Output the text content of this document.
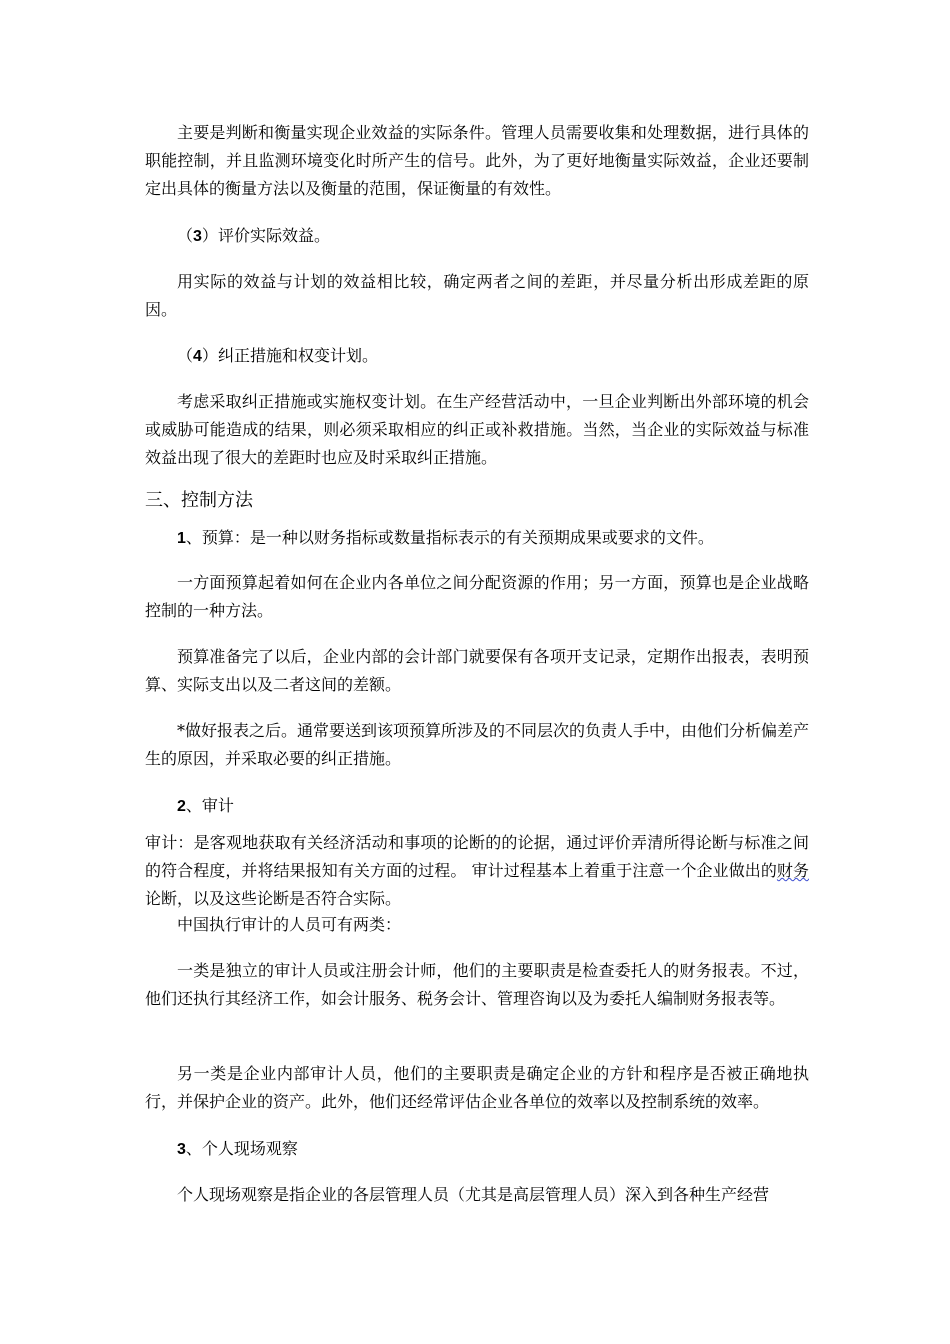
主要是判断和衡量实现企业效益的实际条件。管理人员需要收集和处理数据，进行具体的职能控制，并且监测环境变化时所产生的信号。此外，为了更好地衡量实际效益，企业还要制定出具体的衡量方法以及衡量的范围，保证衡量的有效性。

（3）评价实际效益。

用实际的效益与计划的效益相比较，确定两者之间的差距，并尽量分析出形成差距的原因。

（4）纠正措施和权变计划。

考虑采取纠正措施或实施权变计划。在生产经营活动中，一旦企业判断出外部环境的机会或威胁可能造成的结果，则必须采取相应的纠正或补救措施。当然，当企业的实际效益与标准效益出现了很大的差距时也应及时采取纠正措施。

三、控制方法

1、预算：是一种以财务指标或数量指标表示的有关预期成果或要求的文件。

一方面预算起着如何在企业内各单位之间分配资源的作用；另一方面，预算也是企业战略控制的一种方法。

预算准备完了以后，企业内部的会计部门就要保有各项开支记录，定期作出报表，表明预算、实际支出以及二者这间的差额。

*做好报表之后。通常要送到该项预算所涉及的不同层次的负责人手中，由他们分析偏差产生的原因，并采取必要的纠正措施。

2、审计

审计：是客观地获取有关经济活动和事项的论断的的论据，通过评价弄清所得论断与标准之间的符合程度，并将结果报知有关方面的过程。 审计过程基本上着重于注意一个企业做出的财务论断，以及这些论断是否符合实际。

中国执行审计的人员可有两类：

一类是独立的审计人员或注册会计师，他们的主要职责是检查委托人的财务报表。不过，他们还执行其经济工作，如会计服务、税务会计、管理咨询以及为委托人编制财务报表等。

另一类是企业内部审计人员，他们的主要职责是确定企业的方针和程序是否被正确地执行，并保护企业的资产。此外，他们还经常评估企业各单位的效率以及控制系统的效率。

3、个人现场观察

个人现场观察是指企业的各层管理人员（尤其是高层管理人员）深入到各种生产经营
